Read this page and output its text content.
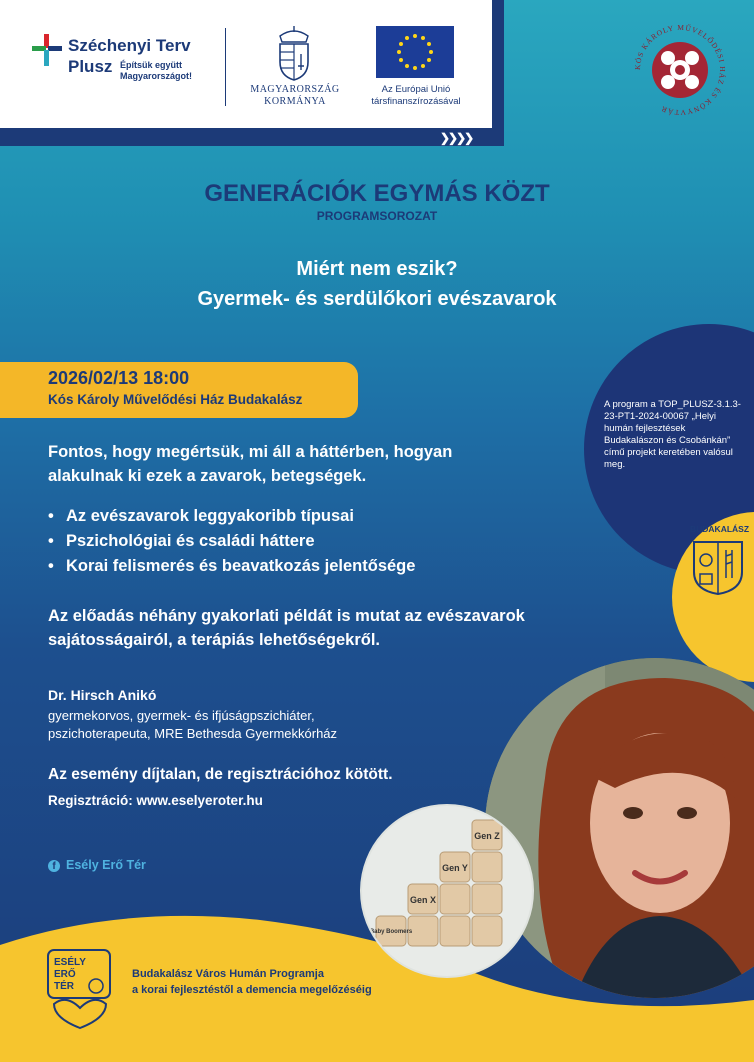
❯❯❯❯
Széchenyi Terv
Plusz Építsük együtt Magyarországot!
MAGYARORSZÁG KORMÁNYA
Az Európai Unió társfinanszírozásával
KÓS KÁROLY MŰVELŐDÉSI HÁZ ÉS KÖNYVTÁR
GENERÁCIÓK EGYMÁS KÖZT
PROGRAMSOROZAT
Miért nem eszik?
Gyermek- és serdülőkori evészavarok
A program a TOP_PLUSZ-3.1.3-23-PT1-2024-00067 „Helyi humán fejlesztések Budakalászon és Csobánkán” című projekt keretében valósul meg.
BUDAKALÁSZ
2026/02/13 18:00
Kós Károly Művelődési Ház Budakalász
Fontos, hogy megértsük, mi áll a háttérben, hogyan alakulnak ki ezek a zavarok, betegségek.
• Az evészavarok leggyakoribb típusai
• Pszichológiai és családi háttere
• Korai felismerés és beavatkozás jelentősége
Az előadás néhány gyakorlati példát is mutat az evészavarok sajátosságairól, a terápiás lehetőségekről.
Dr. Hirsch Anikó
gyermekorvos, gyermek- és ifjúságpszichiáter, pszichoterapeuta, MRE Bethesda Gyermekkórház
Az esemény díjtalan, de regisztrációhoz kötött.
Regisztráció: www.eselyeroter.hu
f Esély Erő Tér
Gen Z
Gen Y
Gen X
Baby Boomers
ESÉLY
ERŐ
TÉR
Budakalász Város Humán Programja
a korai fejlesztéstől a demencia megelőzéséig
